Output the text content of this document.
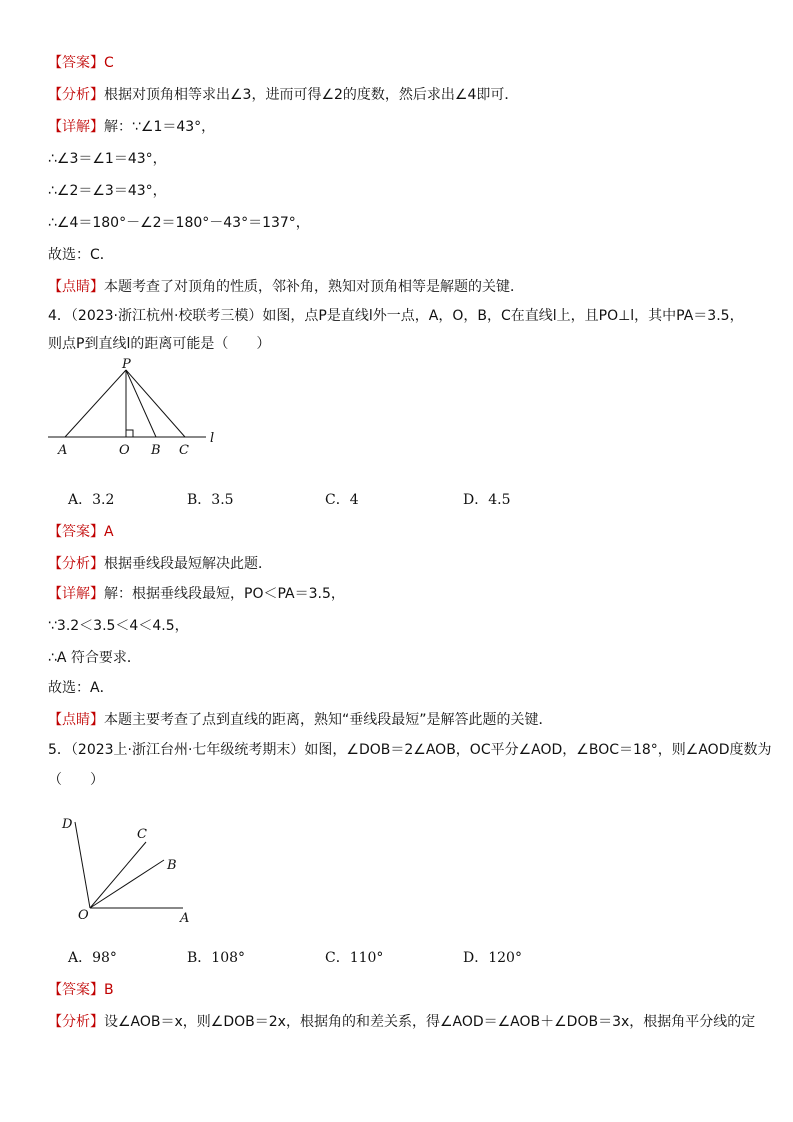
【答案】C
【分析】根据对顶角相等求出∠3，进而可得∠2的度数，然后求出∠4即可．
【详解】解：∵∠1＝43°，
∴∠3＝∠1＝43°，
∴∠2＝∠3＝43°，
∴∠4＝180°－∠2＝180°－43°＝137°，
故选：C．
【点睛】本题考查了对顶角的性质，邻补角，熟知对顶角相等是解题的关键．
4．（2023·浙江杭州·校联考三模）如图，点P是直线l外一点，A，O，B，C在直线l上，且PO⊥l，其中PA＝3.5，
则点P到直线l的距离可能是（　　）
P
A	O B C
l
A．3.2	B．3.5	C．4	D．4.5
【答案】A
【分析】根据垂线段最短解决此题．
【详解】解：根据垂线段最短，PO＜PA＝3.5，
∵3.2＜3.5＜4＜4.5，
∴A 符合要求．
故选：A．
【点睛】本题主要考查了点到直线的距离，熟知“垂线段最短”是解答此题的关键．
5．（2023上·浙江台州·七年级统考期末）如图，∠DOB＝2∠AOB，OC平分∠AOD，∠BOC＝18°，则∠AOD度数为
（　　）
D
C
B
O	A
A．98°	B．108°	C．110°	D．120°
【答案】B
【分析】设∠AOB＝x，则∠DOB＝2x，根据角的和差关系，得∠AOD＝∠AOB＋∠DOB＝3x，根据角平分线的定
